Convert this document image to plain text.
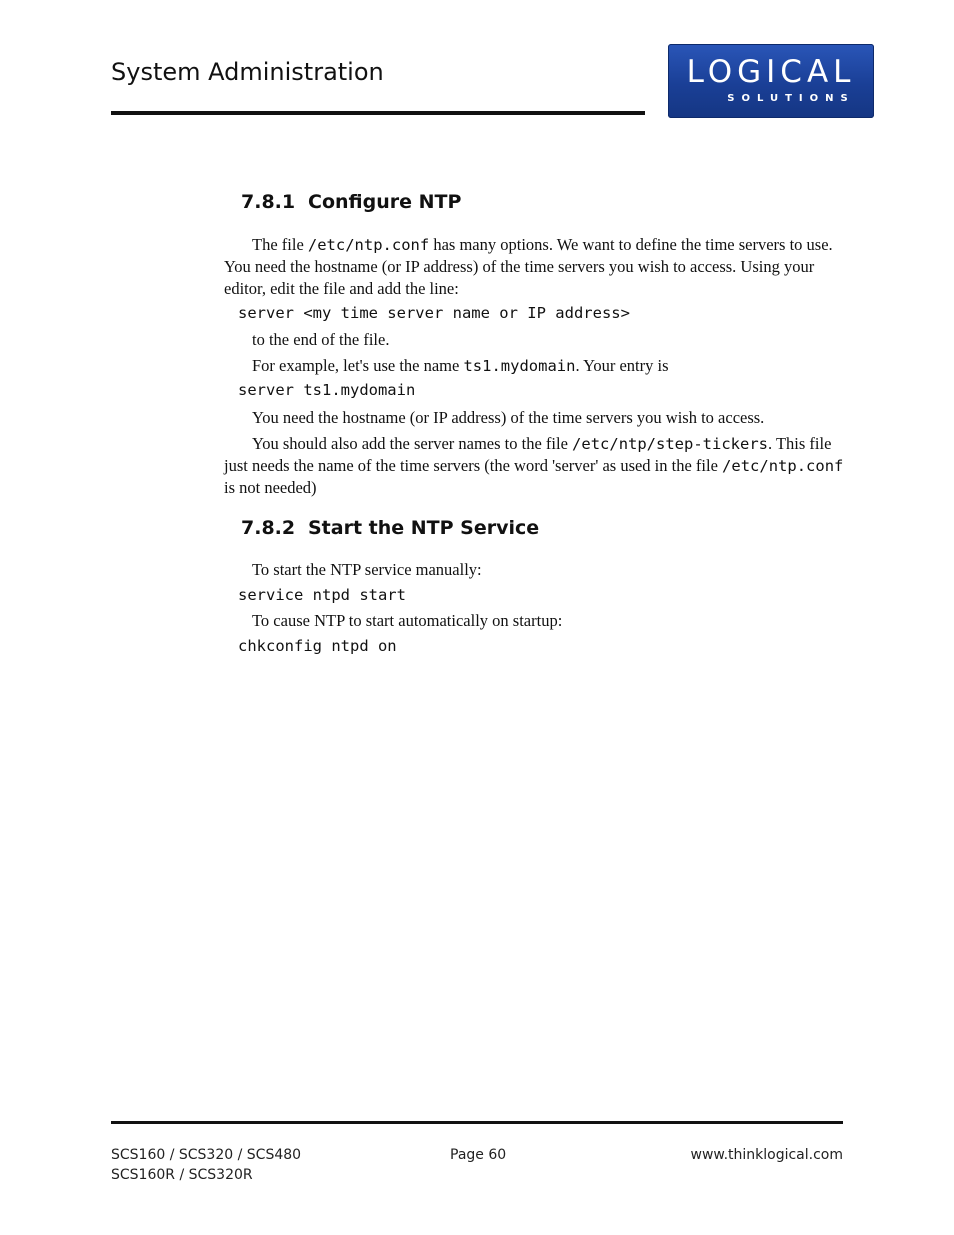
System Administration	LOGICAL
SOLUTIONS
7.8.1 Configure NTP
The file /etc/ntp.conf has many options. We want to define the time servers to use. You need the hostname (or IP address) of the time servers you wish to access. Using your editor, edit the file and add the line:
server <my time server name or IP address>
to the end of the file.
For example, let's use the name ts1.mydomain. Your entry is
server ts1.mydomain
You need the hostname (or IP address) of the time servers you wish to access.
You should also add the server names to the file /etc/ntp/step-tickers. This file just needs the name of the time servers (the word 'server' as used in the file /etc/ntp.conf is not needed)
7.8.2 Start the NTP Service
To start the NTP service manually:
service ntpd start
To cause NTP to start automatically on startup:
chkconfig ntpd on
SCS160 / SCS320 / SCS480
SCS160R / SCS320R
Page 60	www.thinklogical.com
